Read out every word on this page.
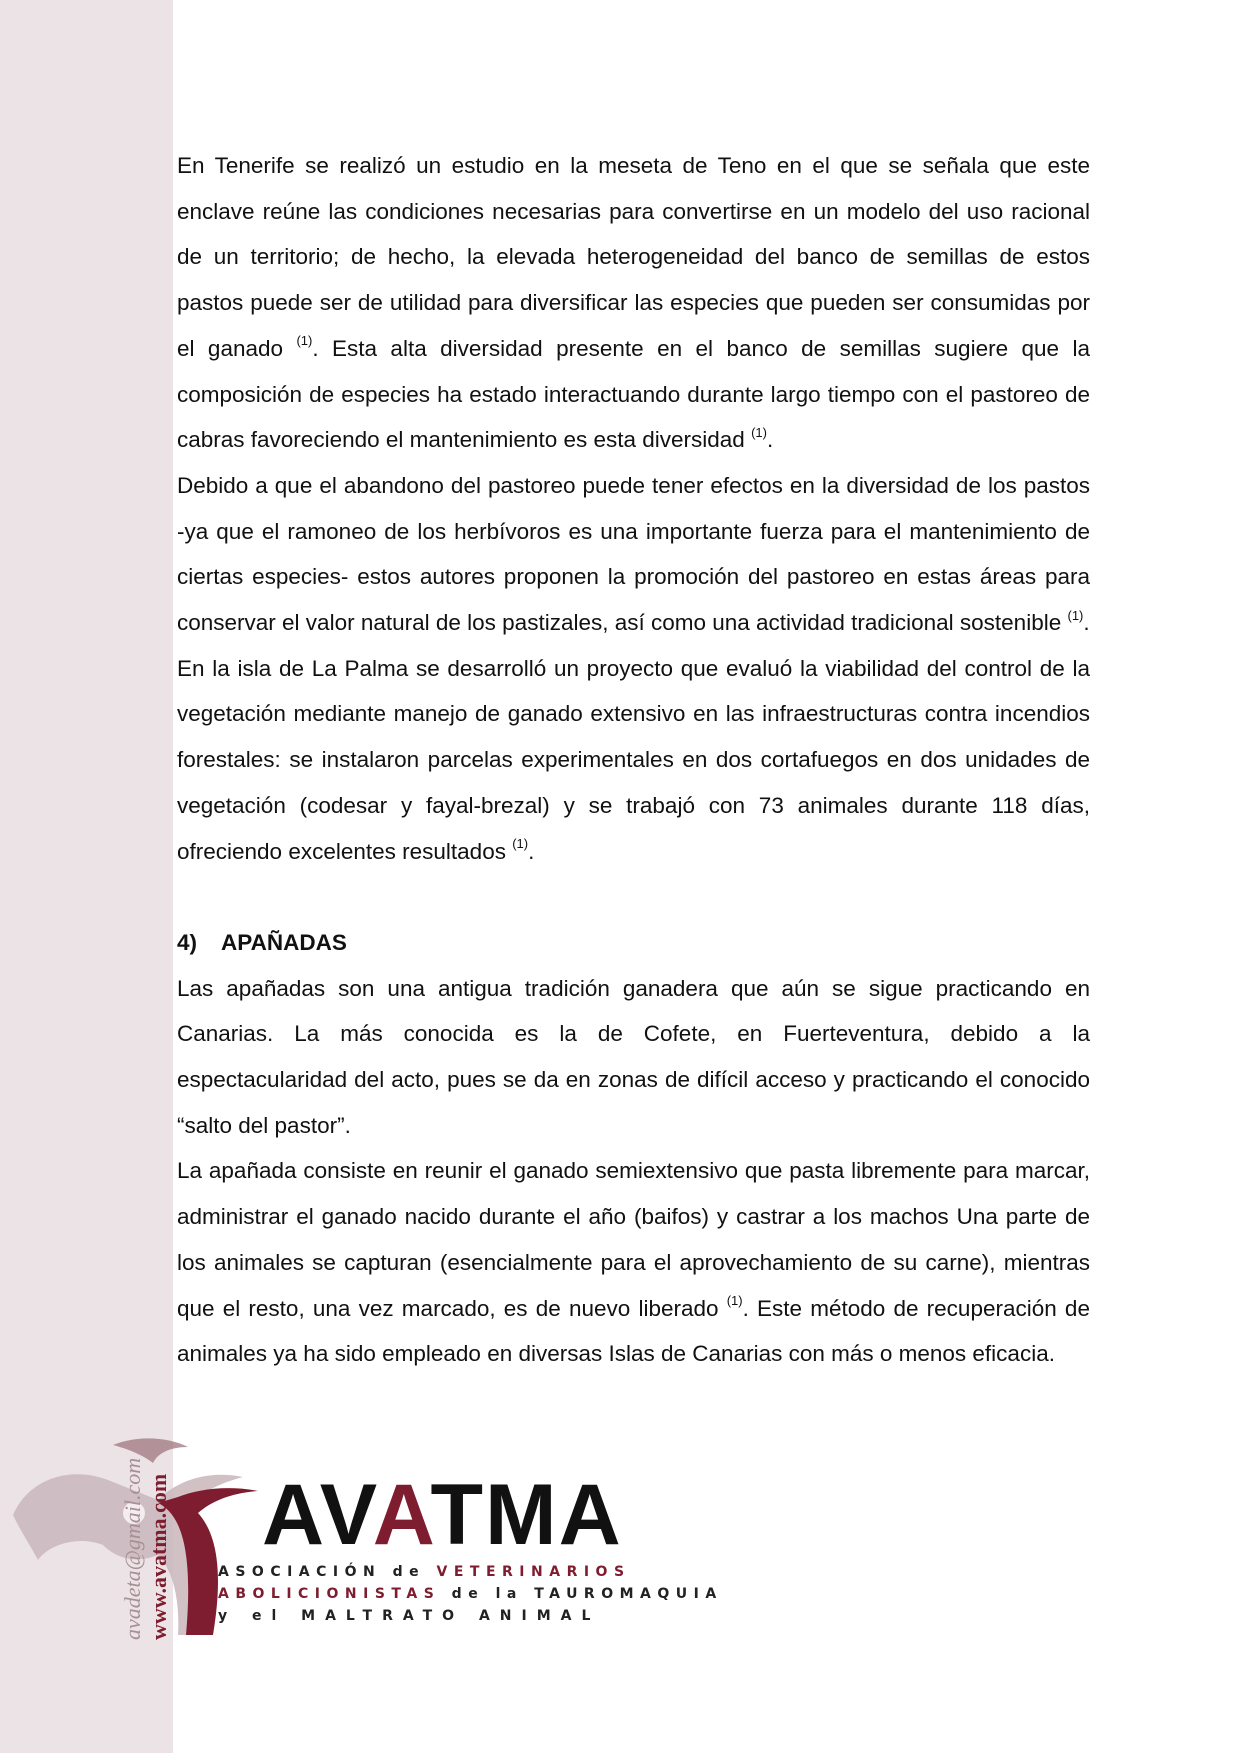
En Tenerife se realizó un estudio en la meseta de Teno en el que se señala que este enclave reúne las condiciones necesarias para convertirse en un modelo del uso racional de un territorio; de hecho, la elevada heterogeneidad del banco de semillas de estos pastos puede ser de utilidad para diversificar las especies que pueden ser consumidas por el ganado $^{(1)}$. Esta alta diversidad presente en el banco de semillas sugiere que la composición de especies ha estado interactuando durante largo tiempo con el pastoreo de cabras favoreciendo el mantenimiento es esta diversidad $^{(1)}$.

Debido a que el abandono del pastoreo puede tener efectos en la diversidad de los pastos -ya que el ramoneo de los herbívoros es una importante fuerza para el mantenimiento de ciertas especies- estos autores proponen la promoción del pastoreo en estas áreas para conservar el valor natural de los pastizales, así como una actividad tradicional sostenible $^{(1)}$.

En la isla de La Palma se desarrolló un proyecto que evaluó la viabilidad del control de la vegetación mediante manejo de ganado extensivo en las infraestructuras contra incendios forestales: se instalaron parcelas experimentales en dos cortafuegos en dos unidades de vegetación (codesar y fayal-brezal) y se trabajó con 73 animales durante 118 días, ofreciendo excelentes resultados $^{(1)}$.

4) APAÑADAS

Las apañadas son una antigua tradición ganadera que aún se sigue practicando en Canarias. La más conocida es la de Cofete, en Fuerteventura, debido a la espectacularidad del acto, pues se da en zonas de difícil acceso y practicando el conocido “salto del pastor”.

La apañada consiste en reunir el ganado semiextensivo que pasta libremente para marcar, administrar el ganado nacido durante el año (baifos) y castrar a los machos Una parte de los animales se capturan (esencialmente para el aprovechamiento de su carne), mientras que el resto, una vez marcado, es de nuevo liberado $^{(1)}$. Este método de recuperación de animales ya ha sido empleado en diversas Islas de Canarias con más o menos eficacia.

avadeta@gmail.com www.avatma.com AVATMA
ASOCIACIÓN de VETERINARIOS
ABOLICIONISTAS de la TAUROMAQUIA
y el MALTRATO ANIMAL
